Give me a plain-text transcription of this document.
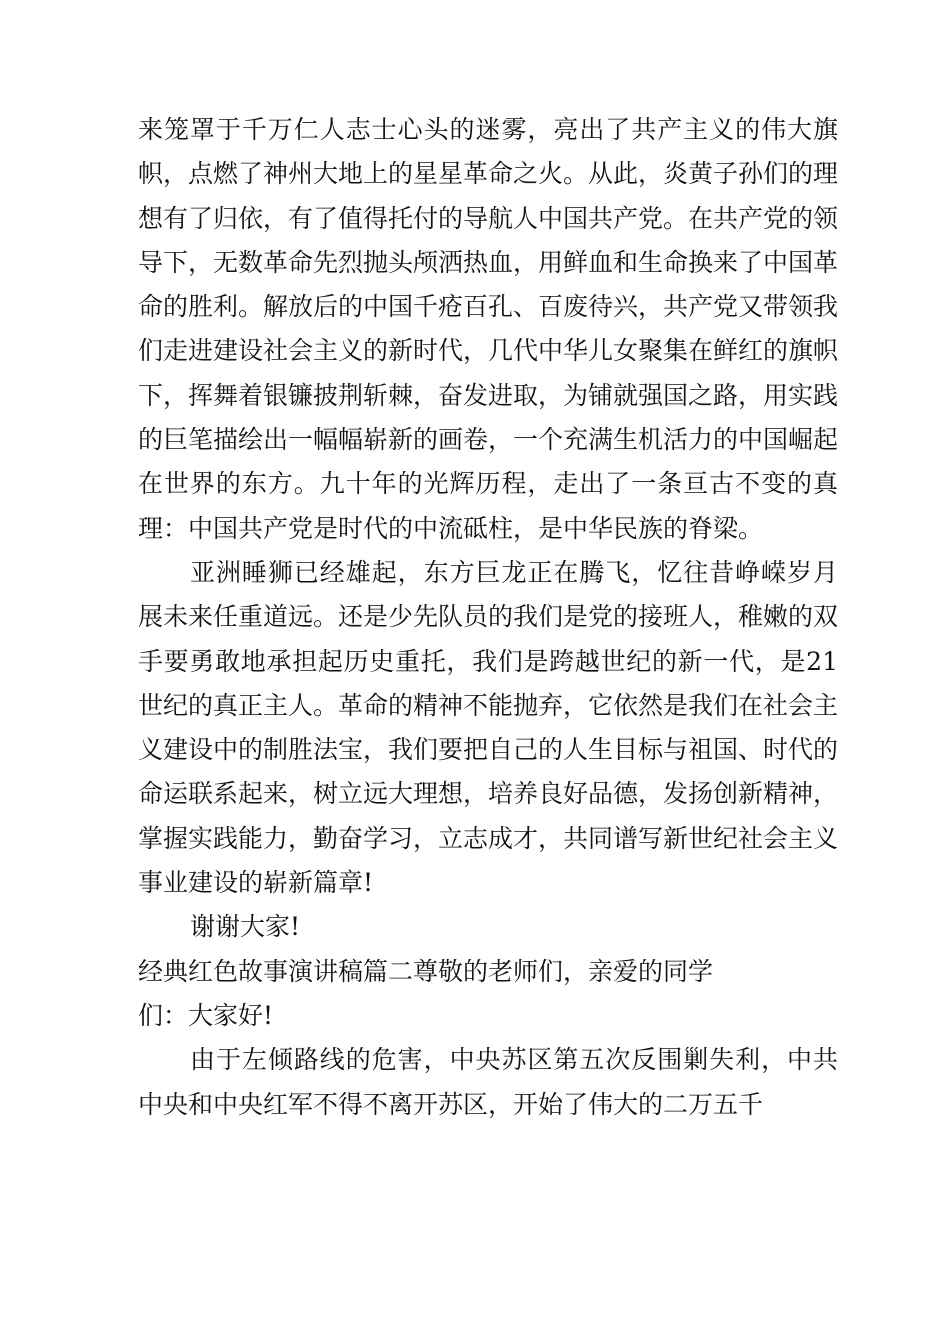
来笼罩于千万仁人志士心头的迷雾，亮出了共产主义的伟大旗帜，点燃了神州大地上的星星革命之火。从此，炎黄子孙们的理想有了归依，有了值得托付的导航人中国共产党。在共产党的领导下，无数革命先烈抛头颅洒热血，用鲜血和生命换来了中国革命的胜利。解放后的中国千疮百孔、百废待兴，共产党又带领我们走进建设社会主义的新时代，几代中华儿女聚集在鲜红的旗帜下，挥舞着银镰披荆斩棘，奋发进取，为铺就强国之路，用实践的巨笔描绘出一幅幅崭新的画卷，一个充满生机活力的中国崛起在世界的东方。九十年的光辉历程，走出了一条亘古不变的真理：中国共产党是时代的中流砥柱，是中华民族的脊梁。

亚洲睡狮已经雄起，东方巨龙正在腾飞，忆往昔峥嵘岁月展未来任重道远。还是少先队员的我们是党的接班人，稚嫩的双手要勇敢地承担起历史重托，我们是跨越世纪的新一代，是21世纪的真正主人。革命的精神不能抛弃，它依然是我们在社会主义建设中的制胜法宝，我们要把自己的人生目标与祖国、时代的命运联系起来，树立远大理想，培养良好品德，发扬创新精神，掌握实践能力，勤奋学习，立志成才，共同谱写新世纪社会主义事业建设的崭新篇章!

谢谢大家!

经典红色故事演讲稿篇二尊敬的老师们，亲爱的同学

们：大家好!

由于左倾路线的危害，中央苏区第五次反围剿失利，中共中央和中央红军不得不离开苏区，开始了伟大的二万五千
